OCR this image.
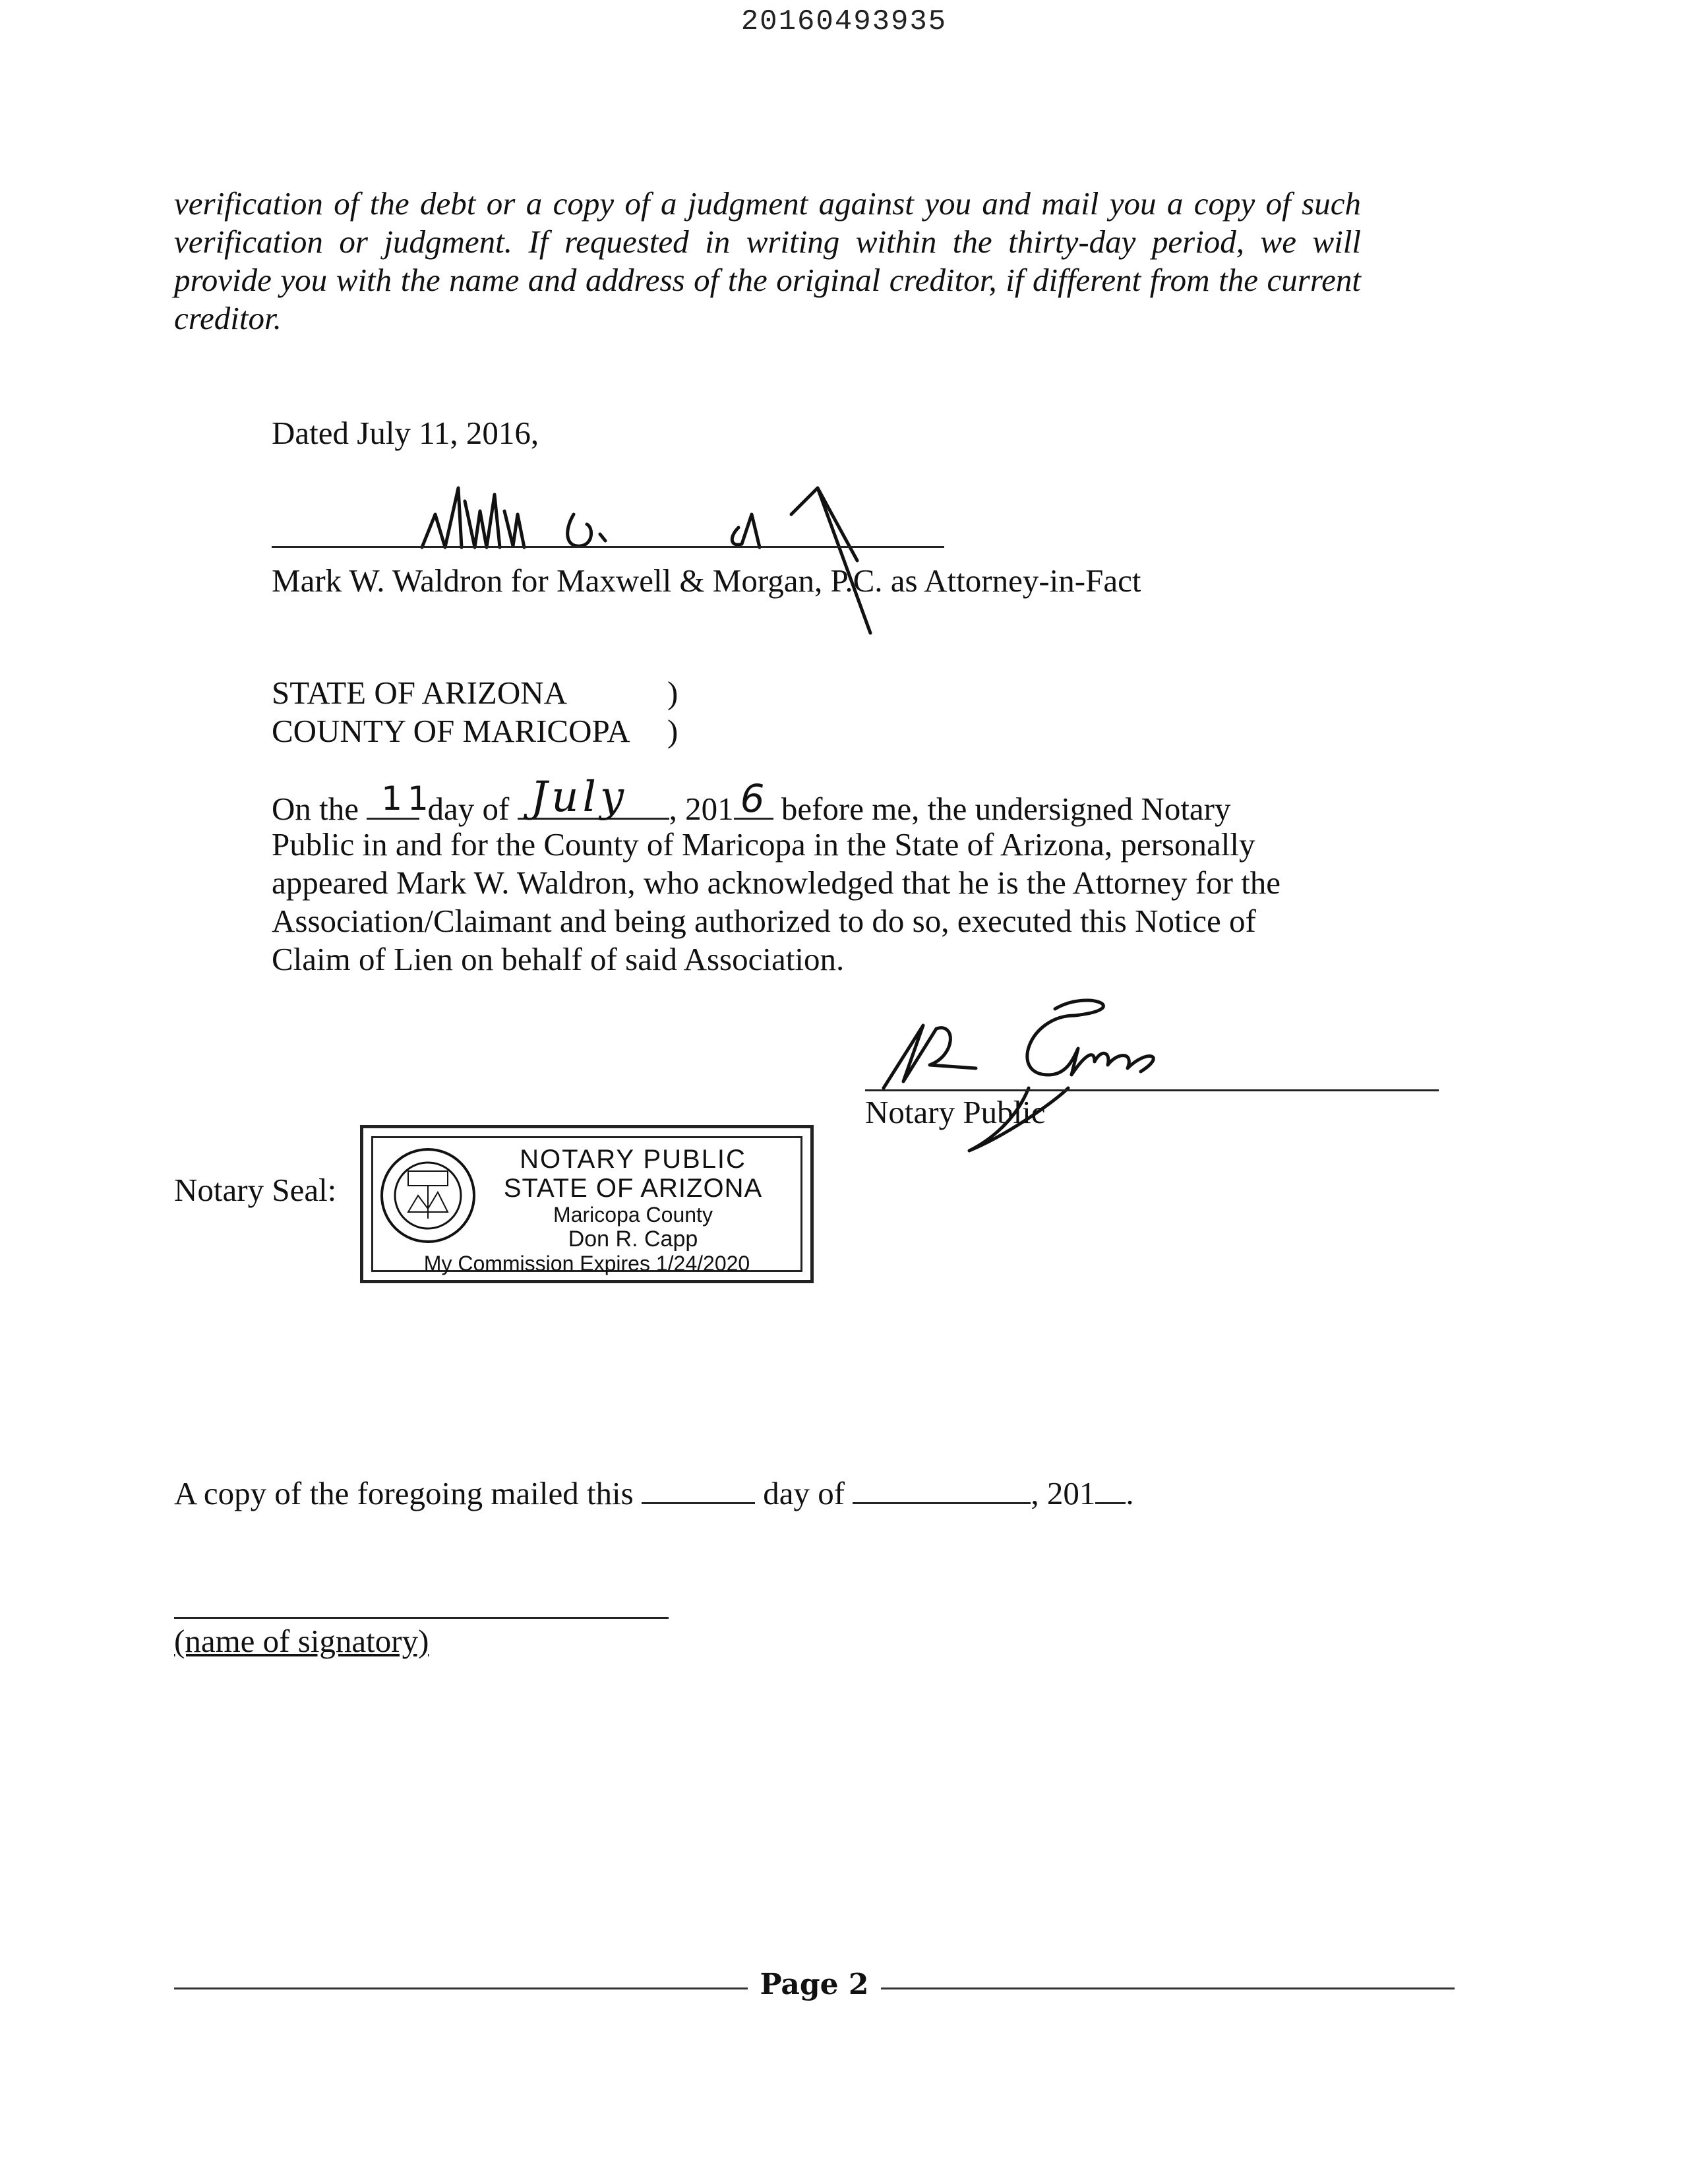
20160493935
verification of the debt or a copy of a judgment against you and mail you a copy of such verification or judgment. If requested in writing within the thirty-day period, we will provide you with the name and address of the original creditor, if different from the current creditor.
Dated July 11, 2016,
Mark W. Waldron for Maxwell & Morgan, P.C. as Attorney-in-Fact
STATE OF ARIZONA	)
COUNTY OF MARICOPA )
On the 11
day of July , 201 6 before me, the undersigned Notary
Public in and for the County of Maricopa in the State of Arizona, personally
appeared Mark W. Waldron, who acknowledged that he is the Attorney for the
Association/Claimant and being authorized to do so, executed this Notice of
Claim of Lien on behalf of said Association.
Notary Public
Notary Seal:
NOTARY PUBLIC
STATE OF ARIZONA
Maricopa County
Don R. Capp
My Commission Expires 1/24/2020
A copy of the foregoing mailed this	day of	, 201 .
(name of signatory)
Page 2
